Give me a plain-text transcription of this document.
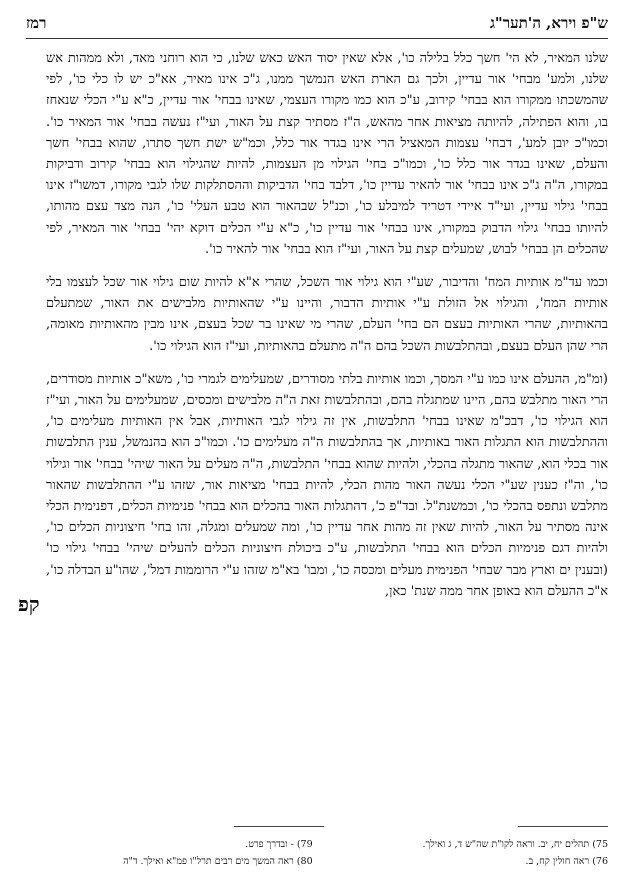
ש"פ וירא, ה'תער"ג
רמז

שלנו המאיר, לא הי' חשך כלל בלילה כו', אלא שאין יסוד האש כאש שלנו, כי הוא רוחני מאד, ולא ממהות אש שלנו, ולמע' מבחי' אור עדיין, ולכך גם הארת האש הנמשך ממנו, ג"כ אינו מאיר, אא"כ יש לו כלי כו', לפי שהמשכתו ממקורו הוא בבחי' קירוב, ע"כ הוא כמו מקורו העצמי, שאינו בבחי' אור עדיין, כ"א ע"י הכלי שנאחז בו, והוא הפתילה, להיותה מציאות אחר מהאש, ה"ז מסתיר קצת על האור, ועי"ז נעשה בבחי' אור המאיר כו'. וכמו"כ יובן למע', דבחי' עצמות המאציל הרי אינו בגדר אור כלל, וכמ"ש ישת חשך סתרו, שהוא בבחי' חשך והעלם, שאינו בגדר אור כלל כו', וכמו"כ בחי' הגילוי מן העצמות, להיות שהגילוי הוא בבחי' קירוב ודביקות במקורו, ה"ה ג"כ אינו בבחי' אור להאיר עדיין כו', דלבד בחי' הדביקות וההסתלקות שלו לגבי מקורו, דמשו"ז אינו בבחי' גילוי עדיין, ועי"ד איידי דטריד למיבלע כו', וכנ"ל שבהאור הוא טבע העלי' כו', הנה מצד עצם מהותו, להיותו בבחי' גילוי הדבוק במקורו, אינו בבחי' אור עדיין כו', כ"א ע"י הכלים דוקא יהי' בבחי' אור המאיר, לפי שהכלים הן בבחי' לבוש, שמעלים קצת על האור, ועי"ז הוא בבחי' אור להאיר כו'.

וכמו עד"מ אותיות המח' והדיבור, שע"י הוא גילוי אור השכל, שהרי א"א להיות שום גילוי אור שכל לעצמו בלי אותיות המח', והגילוי אל הזולת ע"י אותיות הדבור, והיינו ע"י שהאותיות מלבישים את האור, שמתעלם בהאותיות, שהרי האותיות בעצם הם בחי' העלם, שהרי מי שאינו בר שכל בעצם, אינו מבין מהאותיות מאומה, הרי שהן העלם בעצם, ובהתלבשות השכל בהם ה"ה מתעלם בהאותיות, ועי"ז הוא הגילוי כו'.

(ומ"מ, ההעלם אינו כמו ע"י המסך, וכמו אותיות בלתי מסודרים, שמעלימים לגמרי כו', משא"כ אותיות מסודרים, הרי האור מתלבש בהם, היינו שמתגלה בהם, ובהתלבשות זאת ה"ה מלבישים ומכסים, שמעלימים על האור, ועי"ז הוא הגילוי כו', דבכ"מ שאינו בבחי' התלבשות, אין זה גילוי לגבי האותיות, אבל אין האותיות מעלימים כו', וההתלבשות הוא התגלות האור באותיות, אך בהתלבשות ה"ה מעלימים כו'. וכמו"כ הוא בהנמשל, ענין התלבשות אור בכלי הוא, שהאור מתגלה בהכלי, ולהיות שהוא בבחי' התלבשות, ה"ה מעלים על האור שיהי' בבחי' אור וגילוי כו', וה"ז כענין שע"י הכלי נעשה האור מהות הכלי, להיות בבחי' מציאות אור, שזהו ע"י ההתלבשות שהאור מתלבש ונתפס בהכלי כו', וכמשנת"ל. ובד"פ כ', דהתגלות האור בהכלים הוא בבחי' פנימיות הכלים, דפנימית הכלי אינה מסתיר על האור, להיות שאין זה מהות אחר עדיין כו', ומה שמעלים ומגלה, זהו בחי' חיצוניות הכלים כו', ולהיות דגם פנימיות הכלים הוא בבחי' התלבשות, ע"כ ביכולת חיצוניות הכלים להעלים שיהי' בבחי' גילוי כו' (ובענין ים וארץ מבר שבחי' הפנימית מעלים ומכסה כו', ומבו' בא"מ שזהו ע"י הרוממות דמל', שהו"ע הבדלה כו', א"כ ההעלם הוא באופן אחר ממה שנת' כאן,

קפ
75) תהלים יח, יב. וראה לקו"ת שה"ש ד, ג ואילך.
76) ראה חולין קח, ב.
79) ‑ ובדרך פרט.
80) ראה המשך מים רבים תרל"ו פמ"א ואילך. ד"ה
